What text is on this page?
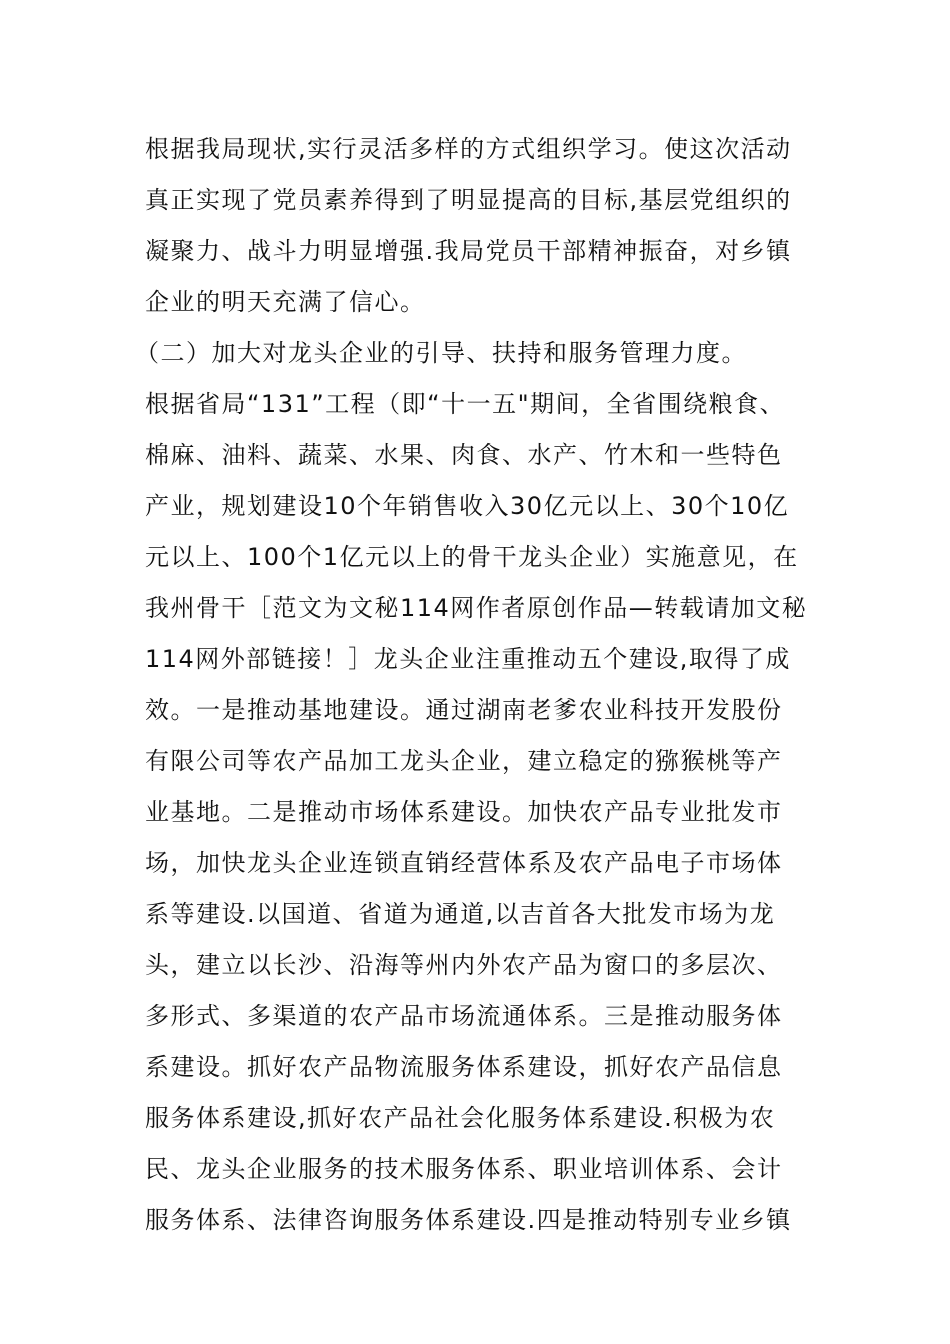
根据我局现状,实行灵活多样的方式组织学习。使这次活动
真正实现了党员素养得到了明显提高的目标,基层党组织的
凝聚力、战斗力明显增强.我局党员干部精神振奋，对乡镇
企业的明天充满了信心。
（二）加大对龙头企业的引导、扶持和服务管理力度。
根据省局“131”工程（即“十一五"期间，全省围绕粮食、
棉麻、油料、蔬菜、水果、肉食、水产、竹木和一些特色
产业，规划建设10个年销售收入30亿元以上、30个10亿
元以上、100个1亿元以上的骨干龙头企业）实施意见，在
我州骨干［范文为文秘114网作者原创作品—转载请加文秘
114网外部链接！］龙头企业注重推动五个建设,取得了成
效。一是推动基地建设。通过湖南老爹农业科技开发股份
有限公司等农产品加工龙头企业，建立稳定的猕猴桃等产
业基地。二是推动市场体系建设。加快农产品专业批发市
场，加快龙头企业连锁直销经营体系及农产品电子市场体
系等建设.以国道、省道为通道,以吉首各大批发市场为龙
头，建立以长沙、沿海等州内外农产品为窗口的多层次、
多形式、多渠道的农产品市场流通体系。三是推动服务体
系建设。抓好农产品物流服务体系建设，抓好农产品信息
服务体系建设,抓好农产品社会化服务体系建设.积极为农
民、龙头企业服务的技术服务体系、职业培训体系、会计
服务体系、法律咨询服务体系建设.四是推动特别专业乡镇
